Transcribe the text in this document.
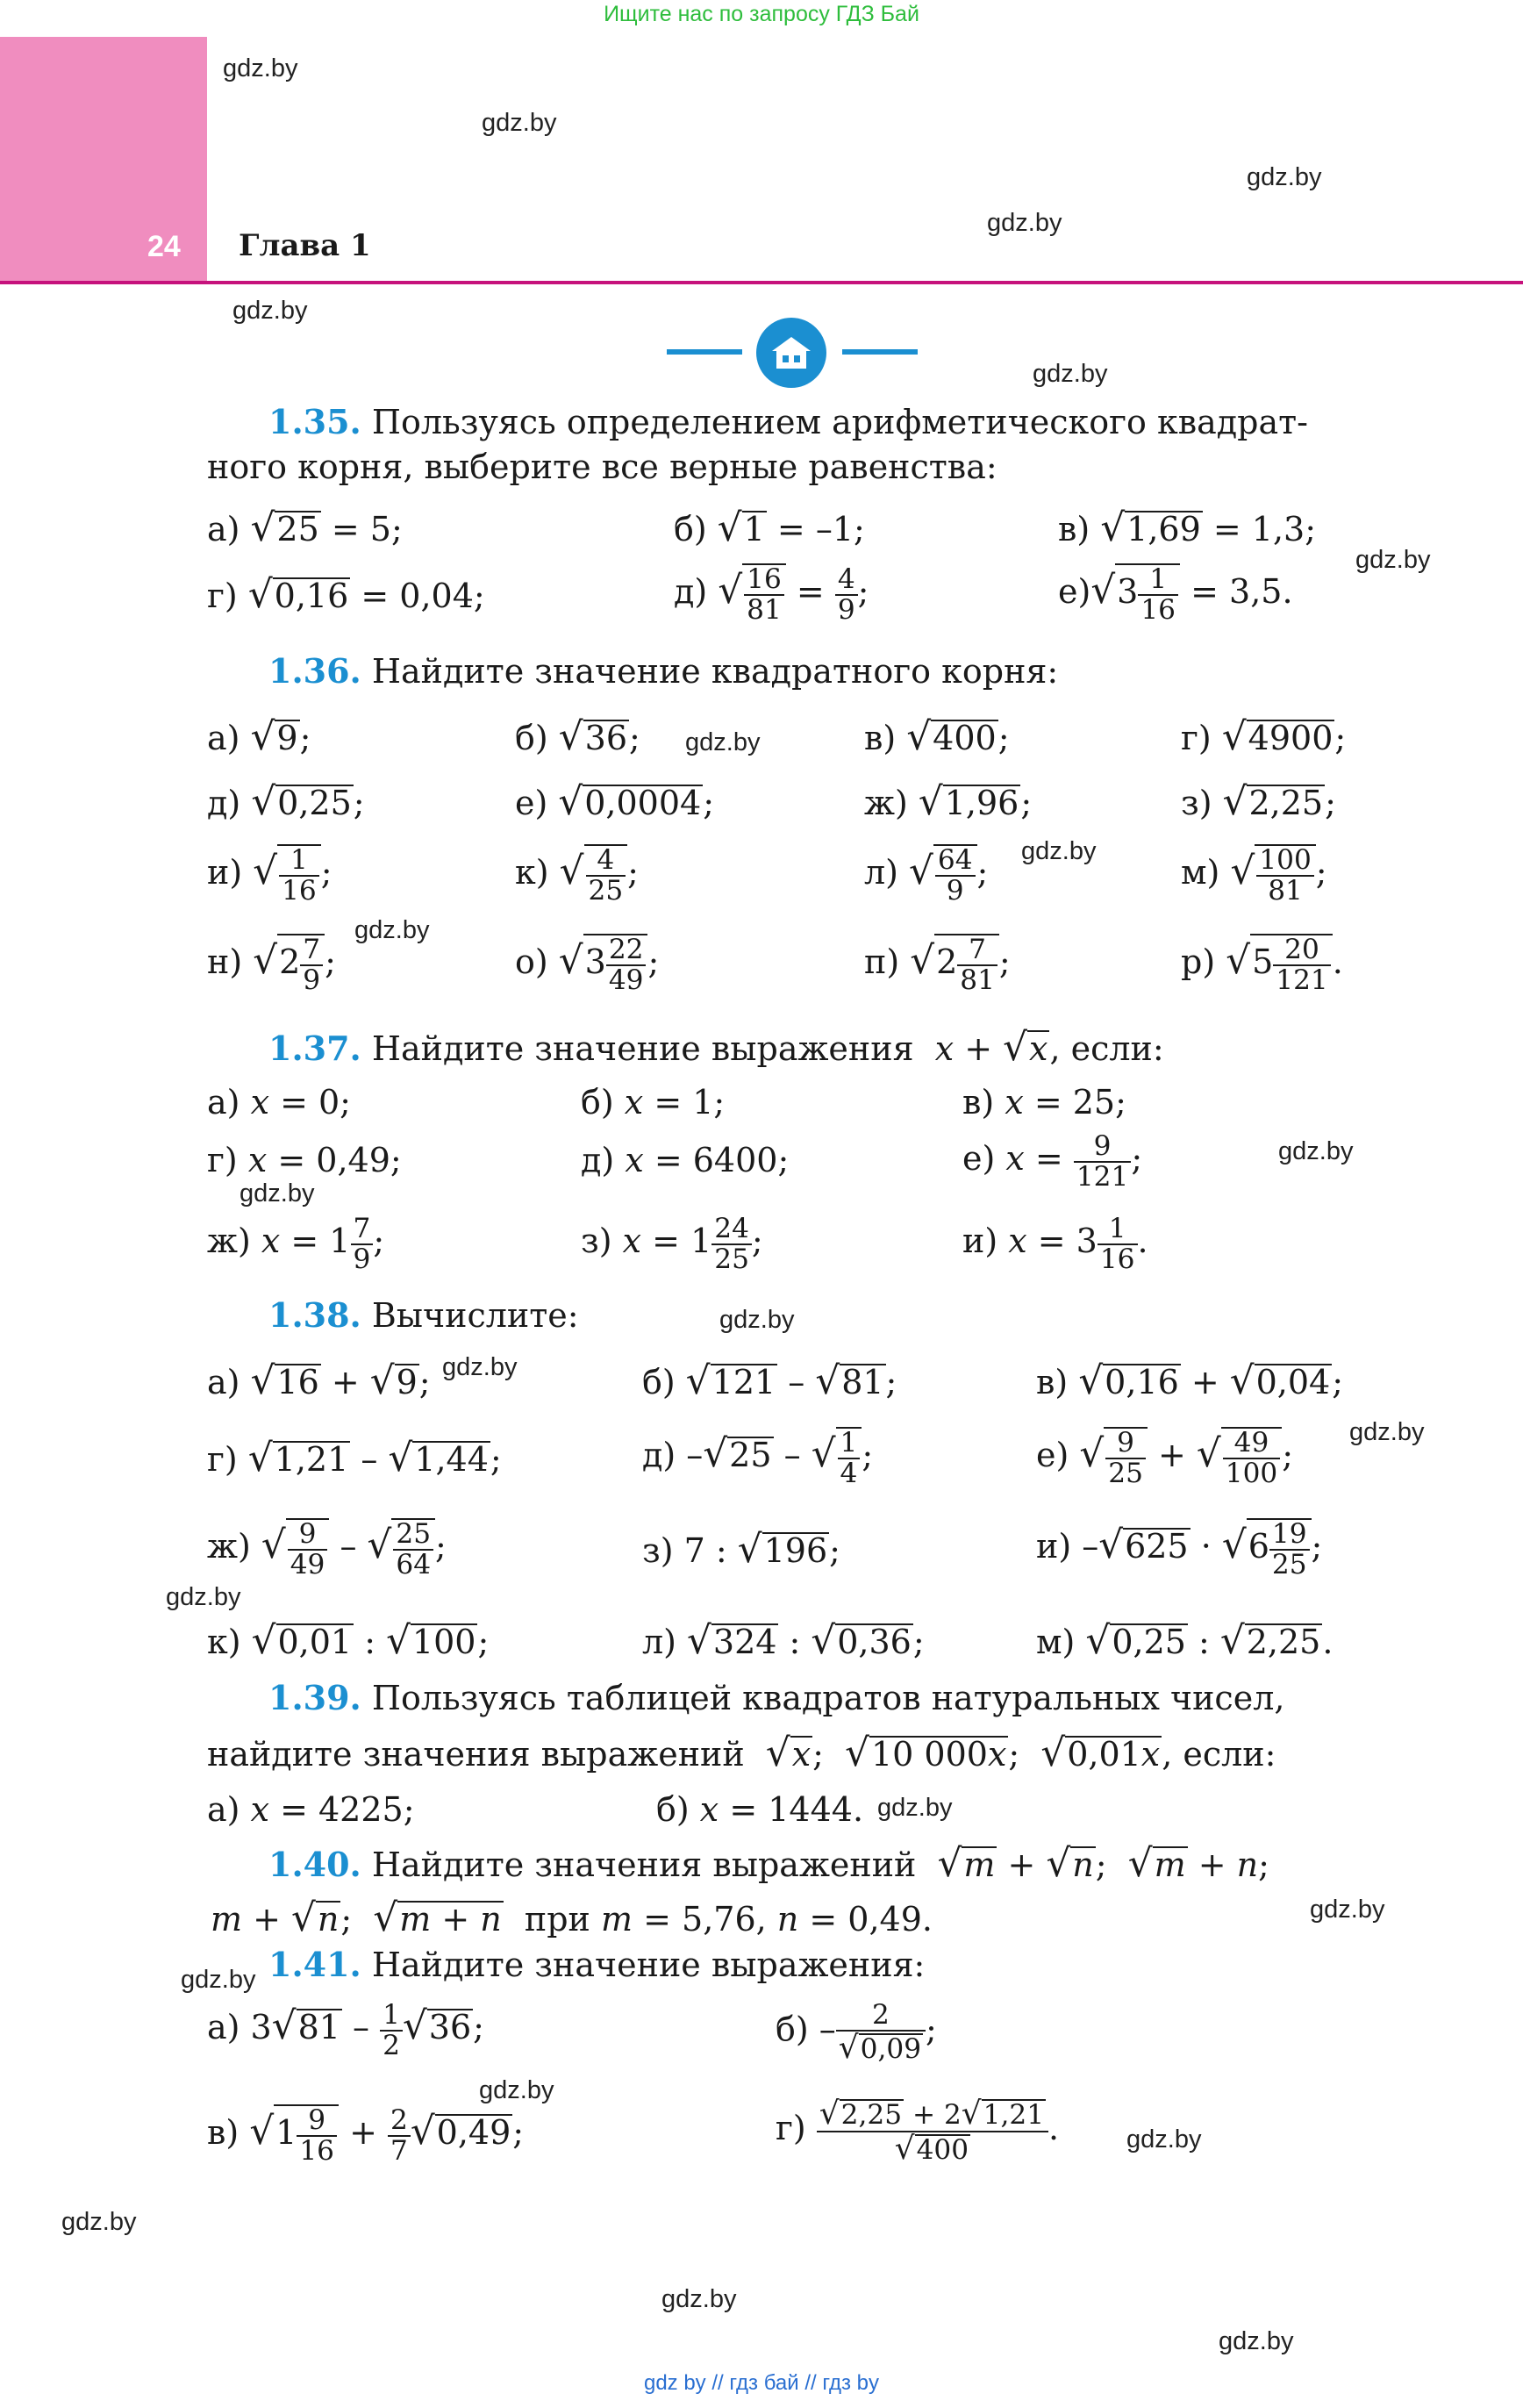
Ищите нас по запросу ГДЗ Бай
24 Глава 1
gdz.by
gdz.by
gdz.by
gdz.by
gdz.by
gdz.by
gdz.by
gdz.by
gdz.by
gdz.by
gdz.by
gdz.by
gdz.by
gdz.by
gdz.by
gdz.by
gdz.by
gdz.by
gdz.by
gdz.by
gdz.by
gdz.by
gdz.by
gdz.by
1.35. Пользуясь определением арифметического квадрат-
ного корня, выберите все верные равенства:
а) √25 = 5;	б) √1 = –1;	в) √1,69 = 1,3;
г) √0,16 = 0,04;	д) √ $\frac{16}{81} = \frac{4}{9}$ ;	$е)√3 \frac{1}{16} = 3,5$.
1.36. Найдите значение квадратного корня:
а) √9;	б) √36;	в) √400;	г) √4900;
д) √0,25;	е) √0,0004;	ж) √1,96;	з) √2,25;
и) √ $\frac{1}{16}$ ;	к) √ $\frac{4}{25}$ ;	л) √ $\frac{64}{9}$ ;	м) √ $\frac{100}{81}$ ;
н) $√2 \frac{7}{9}$ ;	о) $√3 \frac{22}{49}$ ;	п) $√2 \frac{7}{81}$ ;	р) $√5 \frac{20}{121}$ .
1.37. Найдите значение выражения x + √x, если:
а) x = 0;	б) x = 1;	в) x = 25;
г) x = 0,49;	д) x = 6400;	е) $x = \frac{9}{121}$ ;
ж) $x = 1 \frac{7}{9}$ ;	з) $x = 1 \frac{24}{25}$ ;	и) $x = 3 \frac{1}{16}$ .
1.38. Вычислите:
а) √16 + √9;	б) √121 – √81;	в) √0,16 + √0,04;
г) √1,21 – √1,44;	д) –√25 – √ $\frac{1}{4}$ ;	е) √ $\frac{9}{25}$ + √ $\frac{49}{100}$ ;
ж) √ $\frac{9}{49}$ – √ $\frac{25}{64}$ ;	з) 7 : √196;	и) $-√625 \cdot √6 \frac{19}{25}$ ;
к) √0,01 : √100;	л) √324 : √0,36;	м) √0,25 : √2,25.
1.39. Пользуясь таблицей квадратов натуральных чисел,
найдите значения выражений √x;  √10 000x;  √0,01x, если:
а) x = 4225;	б) x = 1444.
1.40. Найдите значения выражений √m + √n;  √m + n;
m + √n;  √m + n при m = 5,76, n = 0,49.
1.41. Найдите значение выражения:
а) $3√81 - \frac{1}{2} √36$;	$б) - \frac{2}{√0,09}$ ;
в) $√1 \frac{9}{16} + \frac{2}{7} √0,49$;	$г) \frac{√2,25 + 2√1,21}{√400}$ .
gdz by // гдз бай // гдз by
